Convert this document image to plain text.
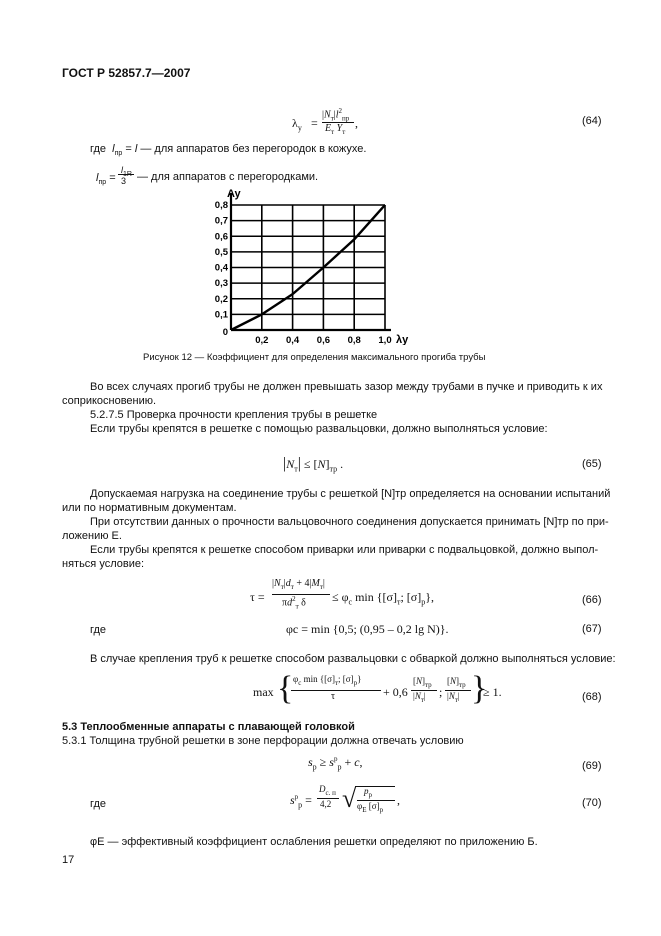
ГОСТ Р 52857.7—2007
$\lambda_у$ =
$|N_т|l^2_{пр}$
$E_т$ $Y_т$
,	(64)
где  $l_{пр} = l$ — для аппаратов без перегородок в кожухе.
$l_{пр}$ =
$l_{1R}$
3 — для аппаратов с перегородками.
0,1
0,2
0,3
0,4
0,5
0,6
0,7
0,8
0,2 0,4 0,6 0,8 1,0
0
Ay
λy
Рисунок 12 — Коэффициент для определения максимального прогиба трубы
Во всех случаях прогиб трубы не должен превышать зазор между трубами в пучке и приводить к их
соприкосновению.
5.2.7.5 Проверка прочности крепления трубы в решетке
Если трубы крепятся в решетке с помощью развальцовки, должно выполняться условие:
$|N_т| \le [N]_{тр}$ .	(65)
Допускаемая нагрузка на соединение трубы с решеткой [N]тр определяется на основании испытаний
или по нормативным документам.
При отсутствии данных о прочности вальцовочного соединения допускается принимать [N]тр по при-
ложению Е.
Если трубы крепятся к решетке способом приварки или приварки с подвальцовкой, должно выпол-
няться условие:
τ =
$|N_т|d_т + 4|M_т|$
$\pi d^2_т$ $\delta \le \varphi_c$ $\min \{[\sigma]_т$; $[\sigma]_р$},	(66)
где	φc = min {0,5; (0,95 – 0,2 lg N)}.	(67)
В случае крепления труб к решетке способом развальцовки с обваркой должно выполняться условие:
max { $\varphi_c$ $\min \{[\sigma]_т$; $[\sigma]_р$}
τ	+ 0,6
$[N]_{тр}$
$|N_т|$ ;
$[N]_{тр}$
$|N_т|$ }
≥ 1.	(68)
5.3 Теплообменные аппараты с плавающей головкой
5.3.1 Толщина трубной решетки в зоне перфорации должна отвечать условию
$s_р \ge s^р_р + c$,	(69)
где	$s^р_р$ =
$D_{с. п}$
4,2 √ $p_р$
$\varphi_E$ $[\sigma]_р$
,	(70)
φE — эффективный коэффициент ослабления решетки определяют по приложению Б.
17
